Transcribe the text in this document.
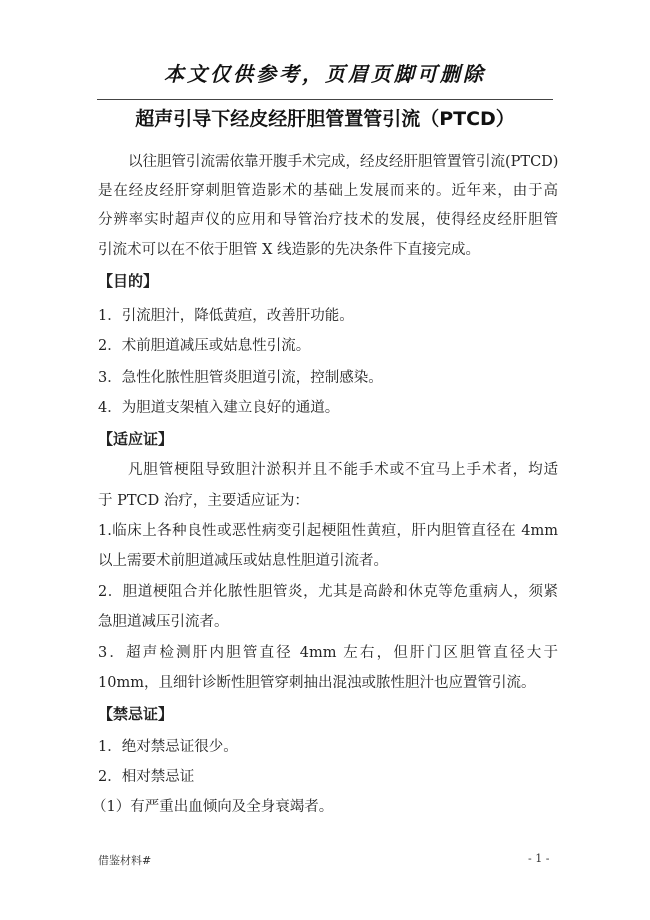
本文仅供参考，页眉页脚可删除
超声引导下经皮经肝胆管置管引流（PTCD）
以往胆管引流需依靠开腹手术完成，经皮经肝胆管置管引流(PTCD)
是在经皮经肝穿刺胆管造影术的基础上发展而来的。近年来，由于高
分辨率实时超声仪的应用和导管治疗技术的发展，使得经皮经肝胆管
引流术可以在不依于胆管 X 线造影的先决条件下直接完成。
【目的】
1．引流胆汁，降低黄疸，改善肝功能。
2．术前胆道减压或姑息性引流。
3．急性化脓性胆管炎胆道引流，控制感染。
4．为胆道支架植入建立良好的通道。
【适应证】
凡胆管梗阻导致胆汁淤积并且不能手术或不宜马上手术者，均适
于 PTCD 治疗，主要适应证为：
1.临床上各种良性或恶性病变引起梗阻性黄疸，肝内胆管直径在 4mm
以上需要术前胆道减压或姑息性胆道引流者。
2．胆道梗阻合并化脓性胆管炎，尤其是高龄和休克等危重病人，须紧
急胆道减压引流者。
3．超声检测肝内胆管直径 4mm 左右，但肝门区胆管直径大于
10mm，且细针诊断性胆管穿刺抽出混浊或脓性胆汁也应置管引流。
【禁忌证】
1．绝对禁忌证很少。
2．相对禁忌证
（1）有严重出血倾向及全身衰竭者。
借鉴材料#	- 1 -
